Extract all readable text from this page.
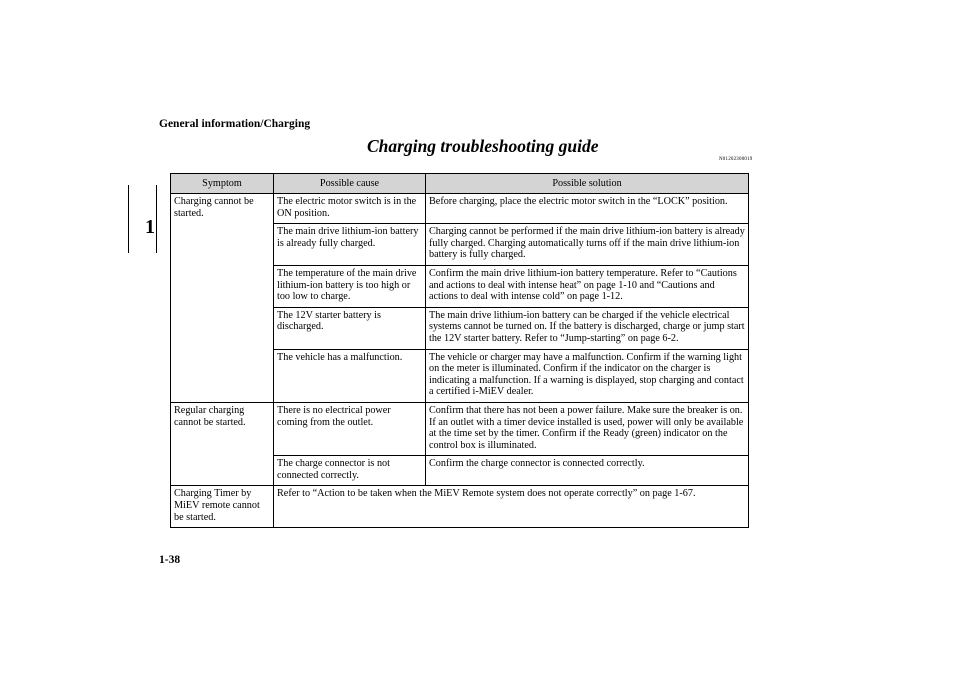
General information/Charging
1
Charging troubleshooting guide
N01202300019
Symptom	Possible cause	Possible solution
Charging cannot be started.	The electric motor switch is in the ON position.	Before charging, place the electric motor switch in the “LOCK” position.
	The main drive lithium-ion battery is already fully charged.	Charging cannot be performed if the main drive lithium-ion battery is already fully charged. Charging automatically turns off if the main drive lithium-ion battery is fully charged.
	The temperature of the main drive lithium-ion battery is too high or too low to charge.	Confirm the main drive lithium-ion battery temperature. Refer to “Cautions and actions to deal with intense heat” on page 1-10 and “Cautions and actions to deal with intense cold” on page 1-12.
	The 12V starter battery is discharged.	The main drive lithium-ion battery can be charged if the vehicle electrical systems cannot be turned on. If the battery is discharged, charge or jump start the 12V starter battery. Refer to “Jump-starting” on page 6-2.
	The vehicle has a malfunction.	The vehicle or charger may have a malfunction. Confirm if the warning light on the meter is illuminated. Confirm if the indicator on the charger is indicating a malfunction. If a warning is displayed, stop charging and contact a certified i-MiEV dealer.
Regular charging cannot be started.	There is no electrical power coming from the outlet.	Confirm that there has not been a power failure. Make sure the breaker is on. If an outlet with a timer device installed is used, power will only be available at the time set by the timer. Confirm if the Ready (green) indicator on the control box is illuminated.
	The charge connector is not connected correctly.	Confirm the charge connector is connected correctly.
Charging Timer by MiEV remote cannot be started.	Refer to “Action to be taken when the MiEV Remote system does not operate correctly” on page 1-67.	
1-38
